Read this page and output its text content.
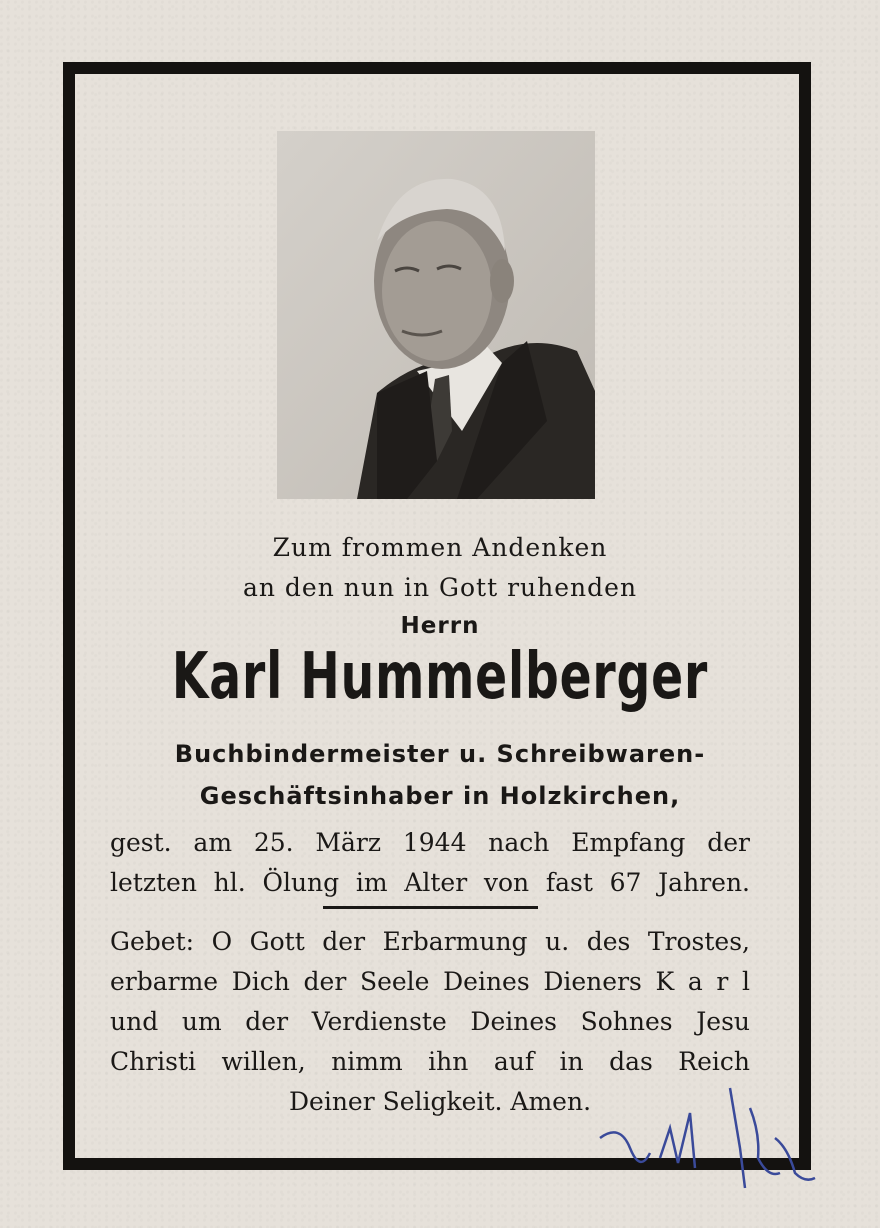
Zum frommen Andenken
an den nun in Gott ruhenden
Herrn
Karl Hummelberger
Buchbindermeister u. Schreibwaren-
Geschäftsinhaber in Holzkirchen,
gest. am 25. März 1944 nach Empfang der
letzten hl. Ölung im Alter von fast 67 Jahren.
Gebet: O Gott der Erbarmung u. des Trostes,
erbarme Dich der Seele Deines Dieners K a r l
und um der Verdienste Deines Sohnes Jesu
Christi willen, nimm ihn auf in das Reich
Deiner Seligkeit. Amen.
